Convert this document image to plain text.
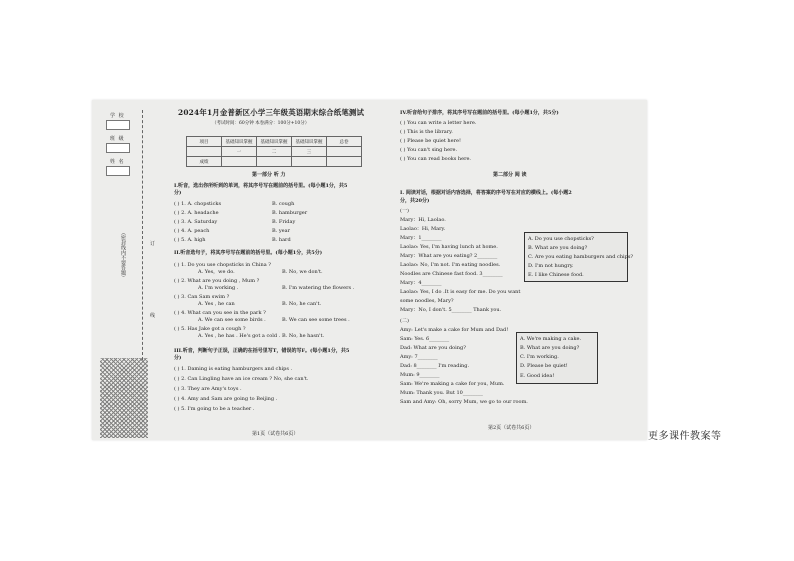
学 校
班 级
姓 名
（密封线内不要答题）	订
线
2024年1月金普新区小学三年级英语期末综合纸笔测试
（考试时间：60分钟 本卷满分：100分+10分）
项目	基础知识掌握	基础知识掌握	基础知识掌握	总卷
	一	二	三	
成绩				
第一部分 听 力
I.听音，选出你所听到的单词，将其序号写在题前的括号里。(每小题1分，共5
分)
( ) 1. A. chopsticks	B. cough
( ) 2. A. headache	B. hamburger
( ) 3. A. Saturday	B. Friday
( ) 4. A. peach	B. year
( ) 5. A. high	B. hard
II.听音选句子，将其序号写在题前的括号里。(每小题1分，共5分)
( ) 1. Do you use chopsticks in China ?
A. Yes，we do.	B. No, we don't.
( ) 2. What are you doing , Mum ?
A. I'm working .	B. I'm watering the flowers .
( ) 3. Can Sam swim ?
A. Yes , he can	B. No, he can't.
( ) 4. What can you see in the park ?
A. We can see some birds .	B. We can see some trees .
( ) 5. Has Jake got a cough ?
A. Yes , he has . He's got a cold . B. No, he hasn't.
III.听音，判断句子正误，正确的在括号里写T，错误的写F。(每小题1分，共5
分)
( ) 1. Daming is eating hamburgers and chips .
( ) 2. Can Lingling have an ice cream ? No, she can't.
( ) 3. They are Amy's toys .
( ) 4. Amy and Sam are going to Beijing .
( ) 5. I'm going to be a teacher .
第1页（试卷共6页）
IV.听音给句子排序，将其序号写在题前的括号里。(每小题1分，共5分)
( ) You can write a letter here.
( ) This is the library.
( ) Please be quiet here!
( ) You can't sing here.
( ) You can read books here.
第二部分 阅 读
I. 阅读对话，根据对话内容选择，将答案的序号写在对应的横线上。(每小题2
分，共20分)
(一)
Mary：Hi, Laolao.
Laolao：Hi, Mary.
Mary：1________
Laolao: Yes, I'm having lunch at home.
Mary：What are you eating? 2________
Laolao: No, I'm not. I'm eating noodles.
Noodles are Chinese fast food. 3________
Mary：4________
Laolao: Yes, I do .It is easy for me. Do you want
some noodles, Mary?
Mary：No, I don't. 5________ Thank you.
A. Do you use chopsticks?
B. What are you doing?
C. Are you eating hamburgers and chips?
D. I'm not hungry.
E. I like Chinese food.
(二)
Amy: Let's make a cake for Mum and Dad!
Sam: Yes. 6________
Dad: What are you doing?
Amy: 7________
Dad: 8________ I'm reading.
Mum: 9________
Sam: We're making a cake for you, Mum.
Mum: Thank you. But 10________
Sam and Amy: Oh, sorry Mum, we go to our room.
A. We're making a cake.
B. What are you doing?
C. I'm working.
D. Please be quiet!
E. Good idea!
第2页（试卷共6页）
更多课件教案等
